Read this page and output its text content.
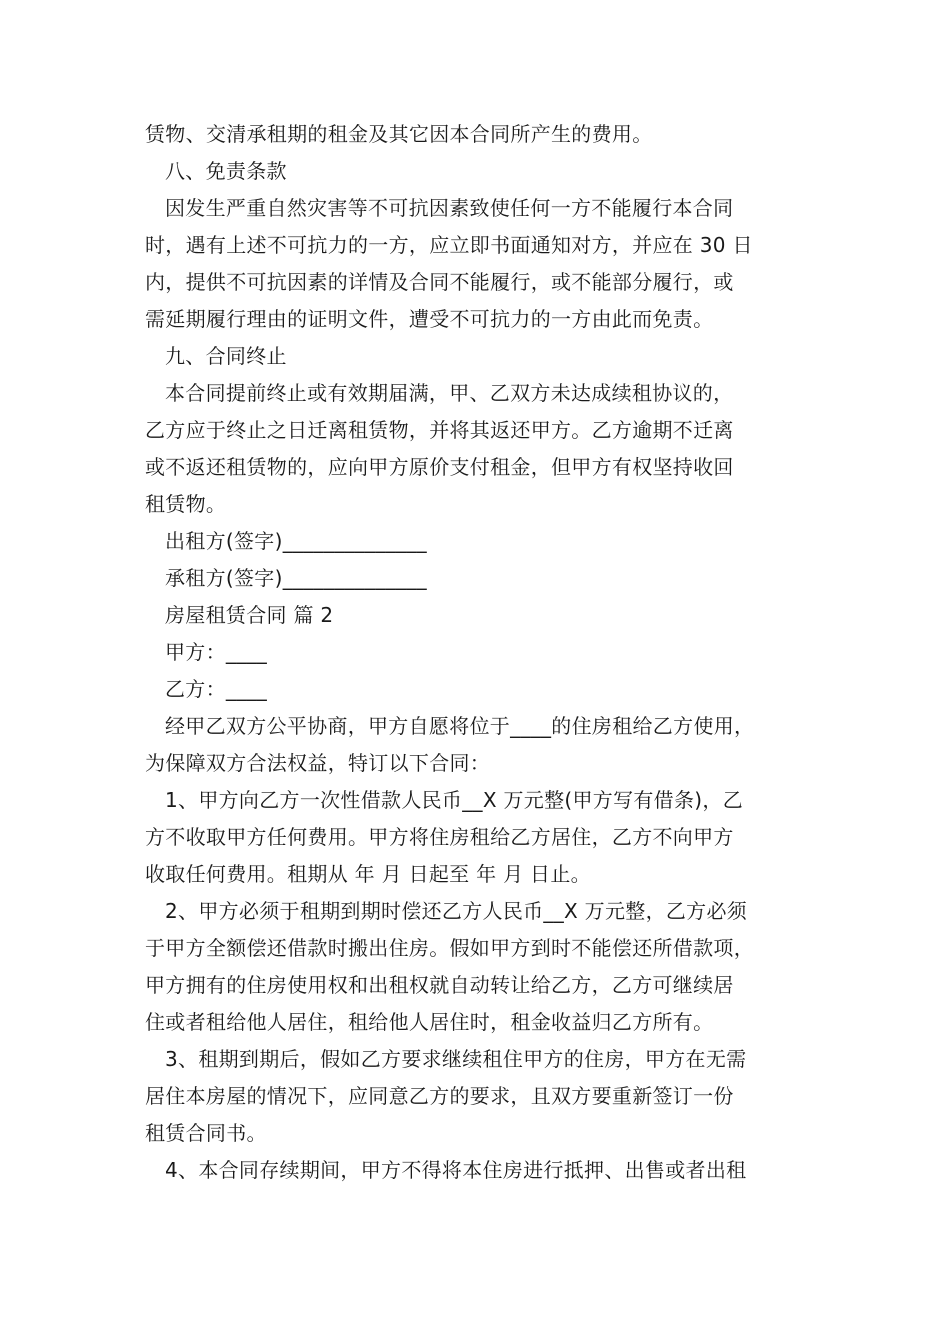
赁物、交清承租期的租金及其它因本合同所产生的费用。
八、免责条款
因发生严重自然灾害等不可抗因素致使任何一方不能履行本合同
时，遇有上述不可抗力的一方，应立即书面通知对方，并应在 30 日
内，提供不可抗因素的详情及合同不能履行，或不能部分履行，或
需延期履行理由的证明文件，遭受不可抗力的一方由此而免责。
九、合同终止
本合同提前终止或有效期届满，甲、乙双方未达成续租协议的，
乙方应于终止之日迁离租赁物，并将其返还甲方。乙方逾期不迁离
或不返还租赁物的，应向甲方原价支付租金，但甲方有权坚持收回
租赁物。
出租方(签字)______________
承租方(签字)______________
房屋租赁合同 篇 2
甲方：____
乙方：____
经甲乙双方公平协商，甲方自愿将位于____的住房租给乙方使用，
为保障双方合法权益，特订以下合同：
1、甲方向乙方一次性借款人民币__X 万元整(甲方写有借条)，乙
方不收取甲方任何费用。甲方将住房租给乙方居住，乙方不向甲方
收取任何费用。租期从 年 月 日起至 年 月 日止。
2、甲方必须于租期到期时偿还乙方人民币__X 万元整，乙方必须
于甲方全额偿还借款时搬出住房。假如甲方到时不能偿还所借款项，
甲方拥有的住房使用权和出租权就自动转让给乙方，乙方可继续居
住或者租给他人居住，租给他人居住时，租金收益归乙方所有。
3、租期到期后，假如乙方要求继续租住甲方的住房，甲方在无需
居住本房屋的情况下，应同意乙方的要求，且双方要重新签订一份
租赁合同书。
4、本合同存续期间，甲方不得将本住房进行抵押、出售或者出租
